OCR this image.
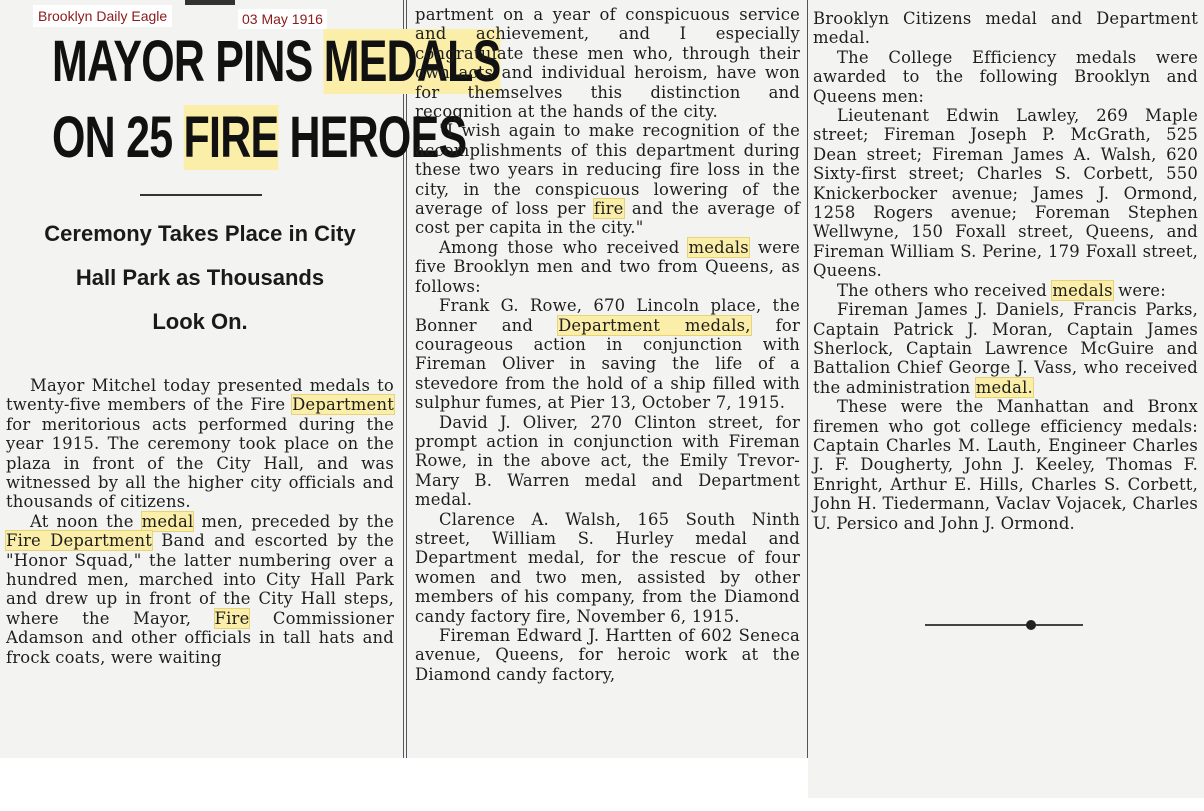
MAYOR PINS MEDALS
ON 25 FIRE HEROES
Ceremony Takes Place in City
Hall Park as Thousands
Look On.

Mayor Mitchel today presented medals to twenty-five members of the Fire Department for meritorious acts performed during the year 1915. The ceremony took place on the plaza in front of the City Hall, and was witnessed by all the higher city officials and thousands of citizens.

At noon the medal men, preceded by the Fire Department Band and escorted by the "Honor Squad," the latter numbering over a hundred men, marched into City Hall Park and drew up in front of the City Hall steps, where the Mayor, Fire Commissioner Adamson and other officials in tall hats and frock coats, were waiting

partment on a year of conspicuous service and achievement, and I especially congratulate these men who, through their own acts and individual heroism, have won for themselves this distinction and recognition at the hands of the city.

"I wish again to make recognition of the accomplishments of this department during these two years in reducing fire loss in the city, in the conspicuous lowering of the average of loss per fire and the average of cost per capita in the city."

Among those who received medals were five Brooklyn men and two from Queens, as follows:

Frank G. Rowe, 670 Lincoln place, the Bonner and Department medals, for courageous action in conjunction with Fireman Oliver in saving the life of a stevedore from the hold of a ship filled with sulphur fumes, at Pier 13, October 7, 1915.

David J. Oliver, 270 Clinton street, for prompt action in conjunction with Fireman Rowe, in the above act, the Emily Trevor-Mary B. Warren medal and Department medal.

Clarence A. Walsh, 165 South Ninth street, William S. Hurley medal and Department medal, for the rescue of four women and two men, assisted by other members of his company, from the Diamond candy factory fire, November 6, 1915.

Fireman Edward J. Hartten of 602 Seneca avenue, Queens, for heroic work at the Diamond candy factory,

Brooklyn Citizens medal and Department medal.

The College Efficiency medals were awarded to the following Brooklyn and Queens men:

Lieutenant Edwin Lawley, 269 Maple street; Fireman Joseph P. McGrath, 525 Dean street; Fireman James A. Walsh, 620 Sixty-first street; Charles S. Corbett, 550 Knickerbocker avenue; James J. Ormond, 1258 Rogers avenue; Foreman Stephen Wellwyne, 150 Foxall street, Queens, and Fireman William S. Perine, 179 Foxall street, Queens.

The others who received medals were:

Fireman James J. Daniels, Francis Parks, Captain Patrick J. Moran, Captain James Sherlock, Captain Lawrence McGuire and Battalion Chief George J. Vass, who received the administration medal.

These were the Manhattan and Bronx firemen who got college efficiency medals: Captain Charles M. Lauth, Engineer Charles J. F. Dougherty, John J. Keeley, Thomas F. Enright, Arthur E. Hills, Charles S. Corbett, John H. Tiedermann, Vaclav Vojacek, Charles U. Persico and John J. Ormond.

Brooklyn Daily Eagle	03 May 1916
